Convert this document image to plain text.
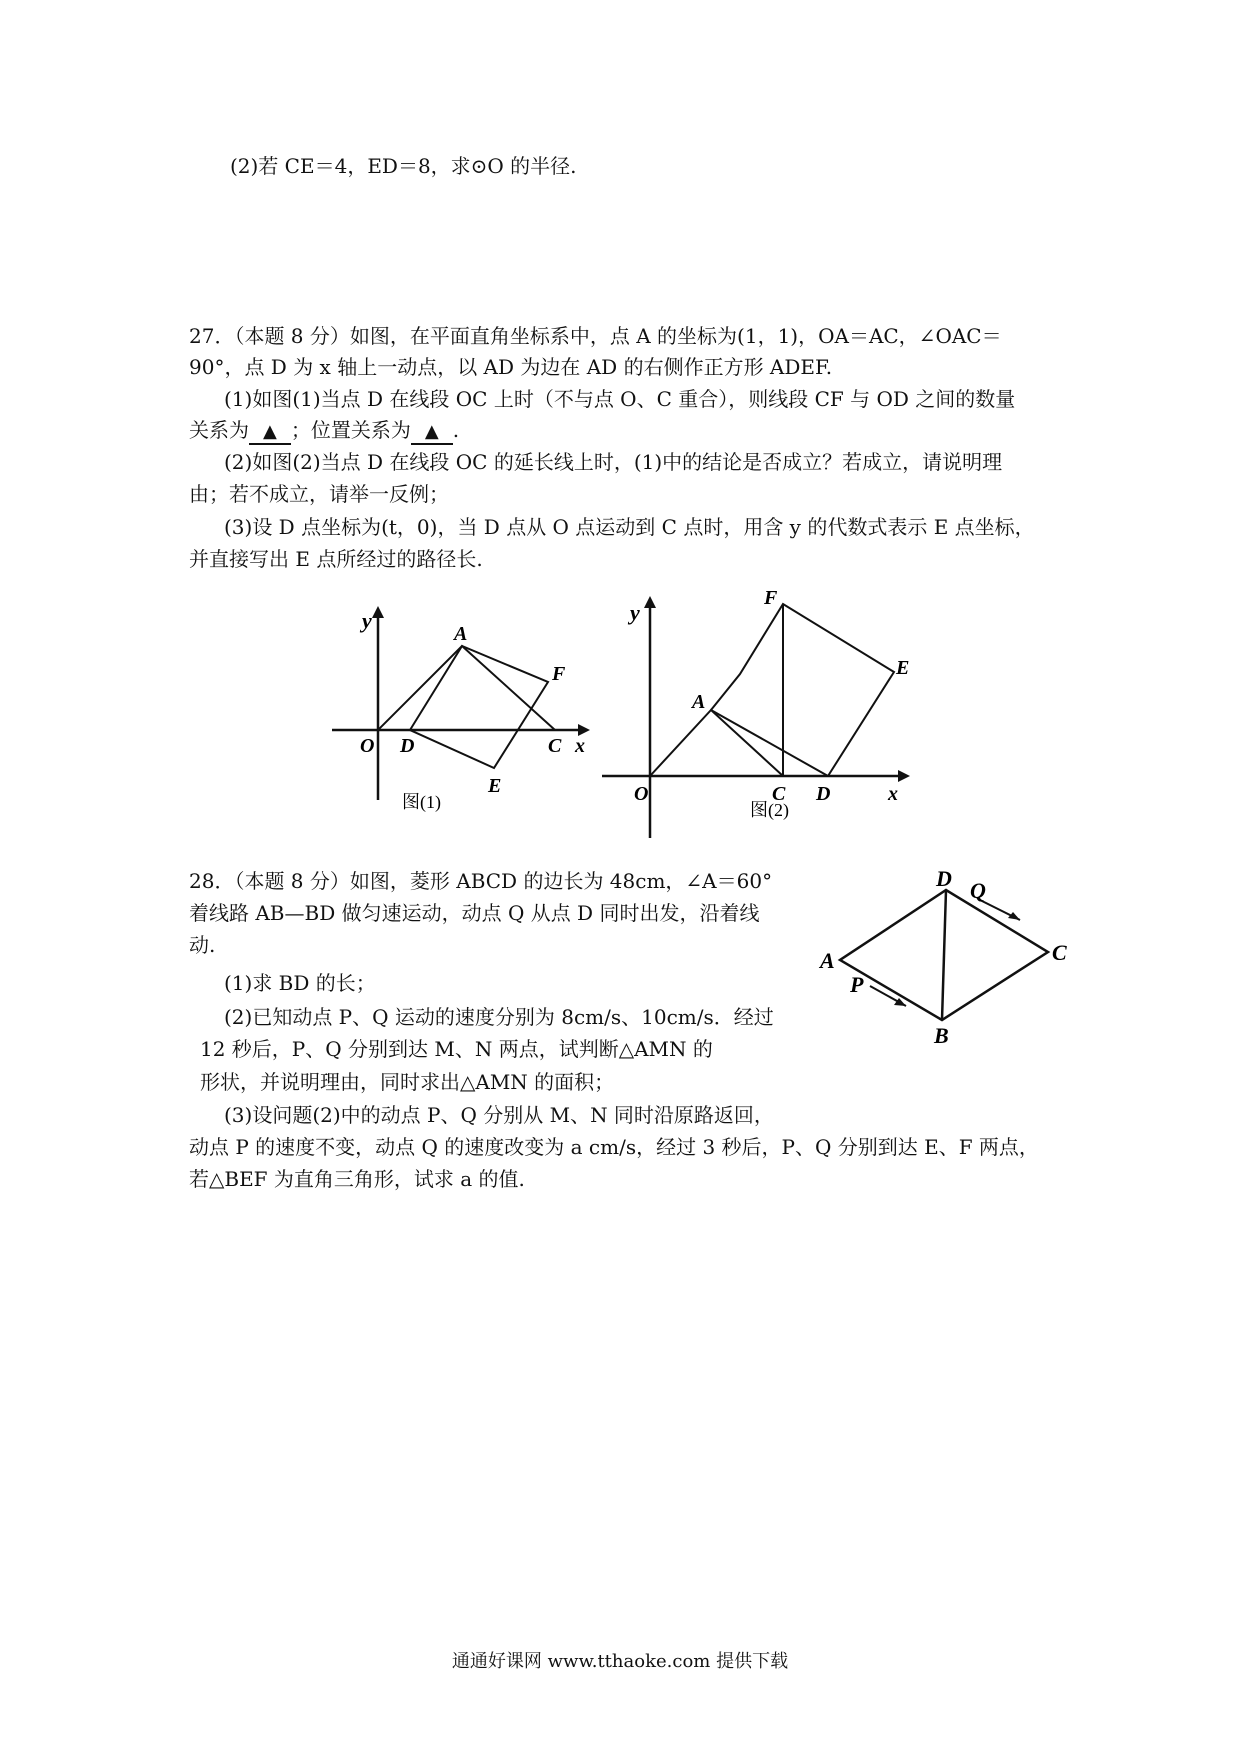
(2)若 CE＝4，ED＝8，求⊙O 的半径.
27．（本题 8 分）如图，在平面直角坐标系中，点 A 的坐标为(1，1)，OA＝AC，∠OAC＝
90°，点 D 为 x 轴上一动点，以 AD 为边在 AD 的右侧作正方形 ADEF.
(1)如图(1)当点 D 在线段 OC 上时（不与点 O、C 重合），则线段 CF 与 OD 之间的数量
关系为 ▲ ；位置关系为 ▲ .
(2)如图(2)当点 D 在线段 OC 的延长线上时，(1)中的结论是否成立？若成立，请说明理
由；若不成立，请举一反例；
(3)设 D 点坐标为(t，0)，当 D 点从 O 点运动到 C 点时，用含 y 的代数式表示 E 点坐标，
并直接写出 E 点所经过的路径长.
y
A
F
O D	C x
E
图(1)
y
F
E
A
O	C D	x
图(2)
28．（本题 8 分）如图，菱形 ABCD 的边长为 48cm，∠A＝60°
着线路 AB—BD 做匀速运动，动点 Q 从点 D 同时出发，沿着线
动.
(1)求 BD 的长；
(2)已知动点 P、Q 运动的速度分别为 8cm/s、10cm/s．经过
12 秒后，P、Q 分别到达 M、N 两点，试判断△AMN 的
形状，并说明理由，同时求出△AMN 的面积；
(3)设问题(2)中的动点 P、Q 分别从 M、N 同时沿原路返回，
动点 P 的速度不变，动点 Q 的速度改变为 a cm/s，经过 3 秒后，P、Q 分别到达 E、F 两点，
若△BEF 为直角三角形，试求 a 的值.
D Q
C
A
P
B
通通好课网 www.tthaoke.com 提供下载
